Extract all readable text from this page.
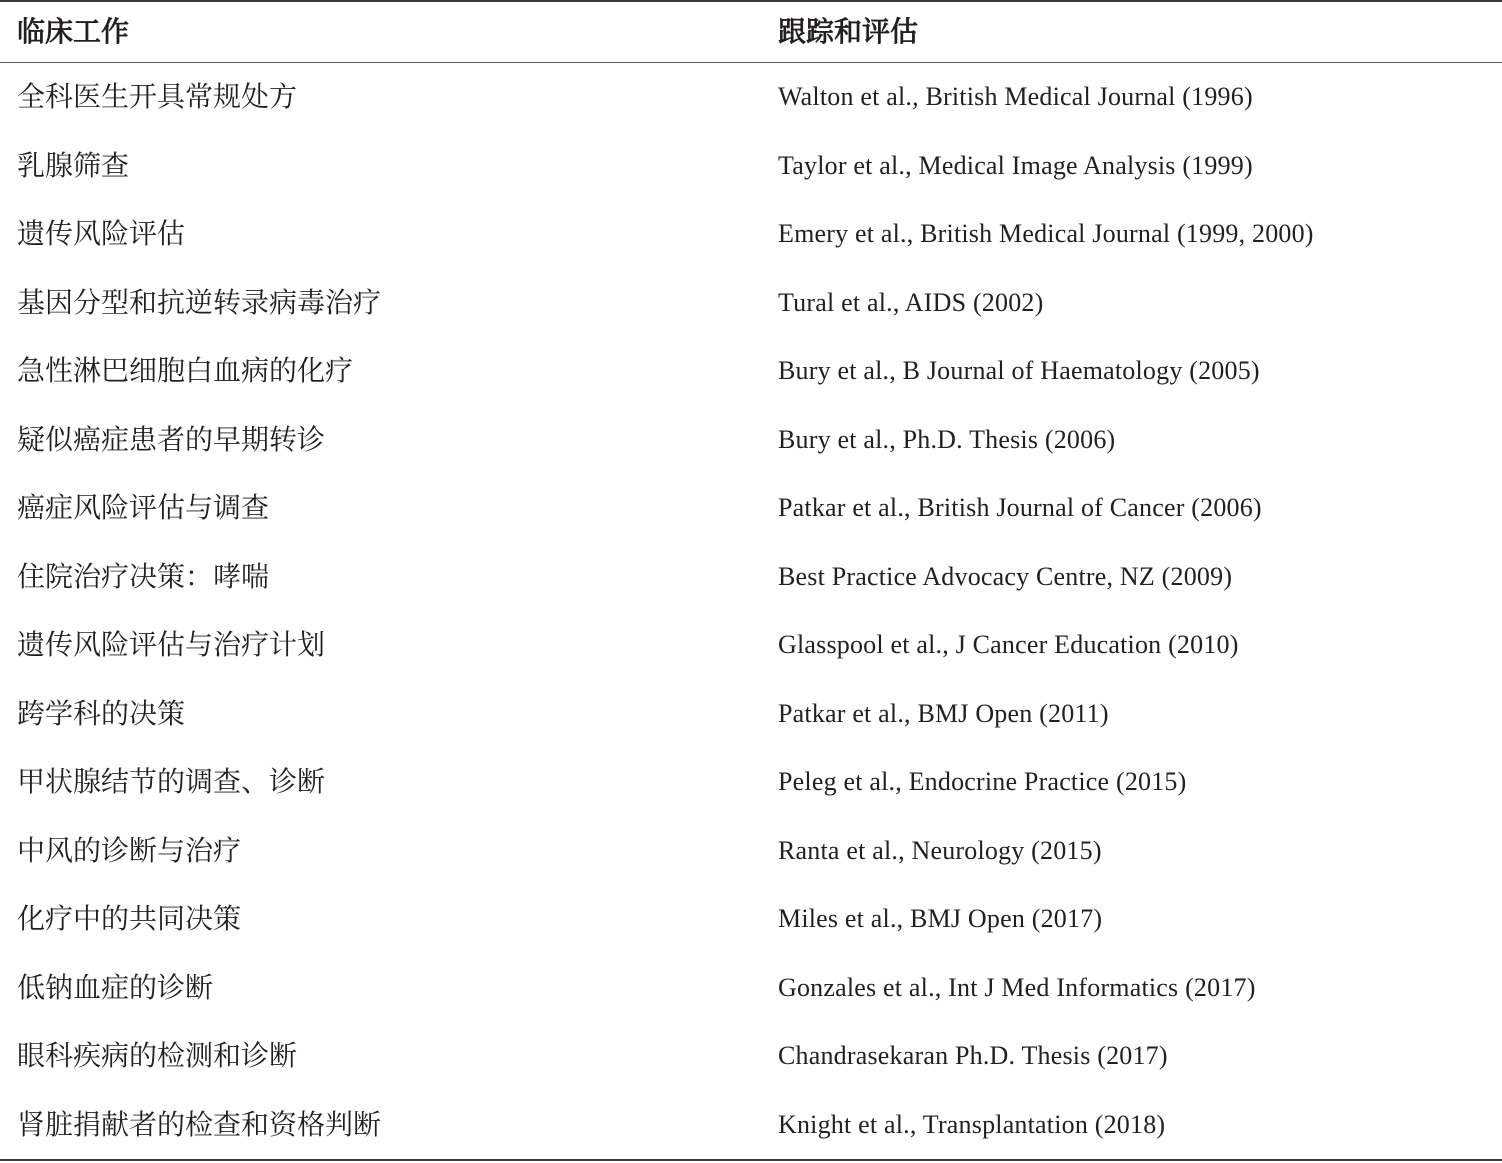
临床工作	跟踪和评估
全科医生开具常规处方	Walton et al., British Medical Journal (1996)
乳腺筛查	Taylor et al., Medical Image Analysis (1999)
遗传风险评估	Emery et al., British Medical Journal (1999, 2000)
基因分型和抗逆转录病毒治疗	Tural et al., AIDS (2002)
急性淋巴细胞白血病的化疗	Bury et al., B Journal of Haematology (2005)
疑似癌症患者的早期转诊	Bury et al., Ph.D. Thesis (2006)
癌症风险评估与调查	Patkar et al., British Journal of Cancer (2006)
住院治疗决策：哮喘	Best Practice Advocacy Centre, NZ (2009)
遗传风险评估与治疗计划	Glasspool et al., J Cancer Education (2010)
跨学科的决策	Patkar et al., BMJ Open (2011)
甲状腺结节的调查、诊断	Peleg et al., Endocrine Practice (2015)
中风的诊断与治疗	Ranta et al., Neurology (2015)
化疗中的共同决策	Miles et al., BMJ Open (2017)
低钠血症的诊断	Gonzales et al., Int J Med Informatics (2017)
眼科疾病的检测和诊断	Chandrasekaran Ph.D. Thesis (2017)
肾脏捐献者的检查和资格判断	Knight et al., Transplantation (2018)
